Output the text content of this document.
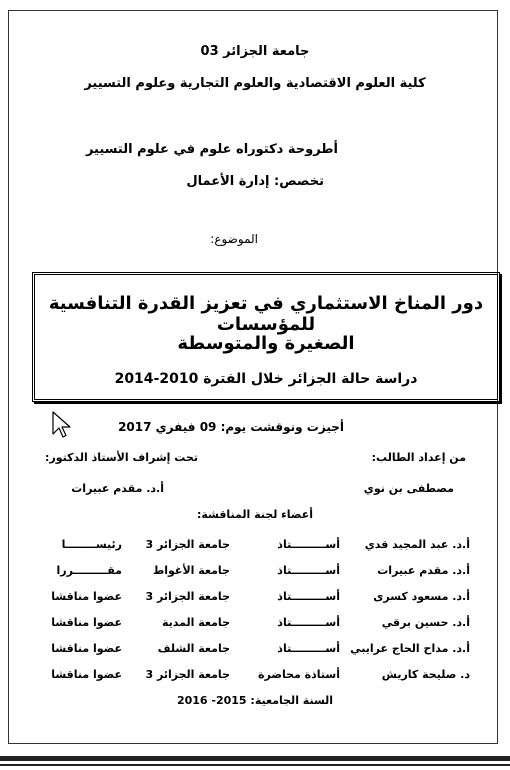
جامعة الجزائر 03
كلية العلوم الاقتصادية والعلوم التجارية وعلوم التسيير
أطروحة دكتوراه علوم في علوم التسيير
تخصص: إدارة الأعمال
الموضوع:
دور المناخ الاستثماري في تعزيز القدرة التنافسية للمؤسسات
الصغيرة والمتوسطة
دراسة حالة الجزائر خلال الفترة 2010-2014
أجيزت ونوقشت يوم: 09 فيفري 2017
من إعداد الطالب:
تحت إشراف الأستاذ الدكتور:
مصطفى بن نوي
أ.د. مقدم عبيرات
أعضاء لجنة المناقشة:
أ.د. عبد المجيد قدي
أســـــــــتاذ
جامعة الجزائر 3
رئيســــــــا
أ.د. مقدم عبيرات
أســـــــــتاذ
جامعة الأغواط
مقـــــــــررا
أ.د. مسعود كسرى
أســـــــــتاذ
جامعة الجزائر 3
عضوا مناقشا
أ.د. حسين برقي
أســـــــــتاذ
جامعة المدية
عضوا مناقشا
أ.د. مداح الحاج عرايبي
أســـــــــتاذ
جامعة الشلف
عضوا مناقشا
د. صليحة كاريش
أستاذة محاضرة
جامعة الجزائر 3
عضوا مناقشا
السنة الجامعية: 2015- 2016
